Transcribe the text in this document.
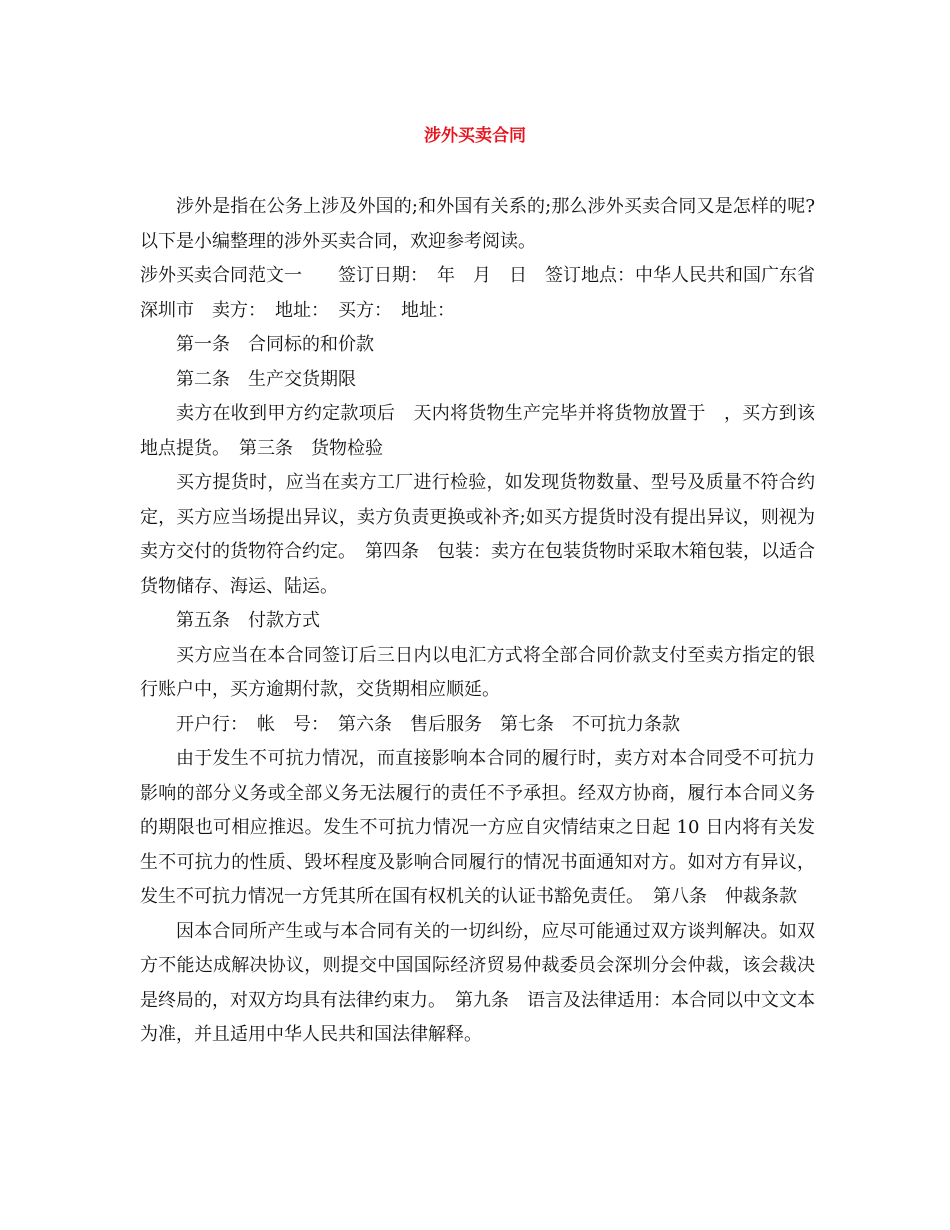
涉外买卖合同

涉外是指在公务上涉及外国的;和外国有关系的;那么涉外买卖合同又是怎样的呢?以下是小编整理的涉外买卖合同，欢迎参考阅读。

涉外买卖合同范文一　　签订日期：　年　月　日　签订地点：中华人民共和国广东省深圳市　卖方：　地址：　买方：　地址：

第一条　合同标的和价款

第二条　生产交货期限

卖方在收到甲方约定款项后　天内将货物生产完毕并将货物放置于　，买方到该地点提货。　第三条　货物检验

买方提货时，应当在卖方工厂进行检验，如发现货物数量、型号及质量不符合约定，买方应当场提出异议，卖方负责更换或补齐;如买方提货时没有提出异议，则视为卖方交付的货物符合约定。　第四条　包装：卖方在包装货物时采取木箱包装，以适合货物储存、海运、陆运。

第五条　付款方式

买方应当在本合同签订后三日内以电汇方式将全部合同价款支付至卖方指定的银行账户中，买方逾期付款，交货期相应顺延。

开户行：　帐　号：　第六条　售后服务　第七条　不可抗力条款

由于发生不可抗力情况，而直接影响本合同的履行时，卖方对本合同受不可抗力影响的部分义务或全部义务无法履行的责任不予承担。经双方协商，履行本合同义务的期限也可相应推迟。发生不可抗力情况一方应自灾情结束之日起 10 日内将有关发生不可抗力的性质、毁坏程度及影响合同履行的情况书面通知对方。如对方有异议，发生不可抗力情况一方凭其所在国有权机关的认证书豁免责任。　第八条　仲裁条款

因本合同所产生或与本合同有关的一切纠纷，应尽可能通过双方谈判解决。如双方不能达成解决协议，则提交中国国际经济贸易仲裁委员会深圳分会仲裁，该会裁决是终局的，对双方均具有法律约束力。　第九条　语言及法律适用：本合同以中文文本为准，并且适用中华人民共和国法律解释。
